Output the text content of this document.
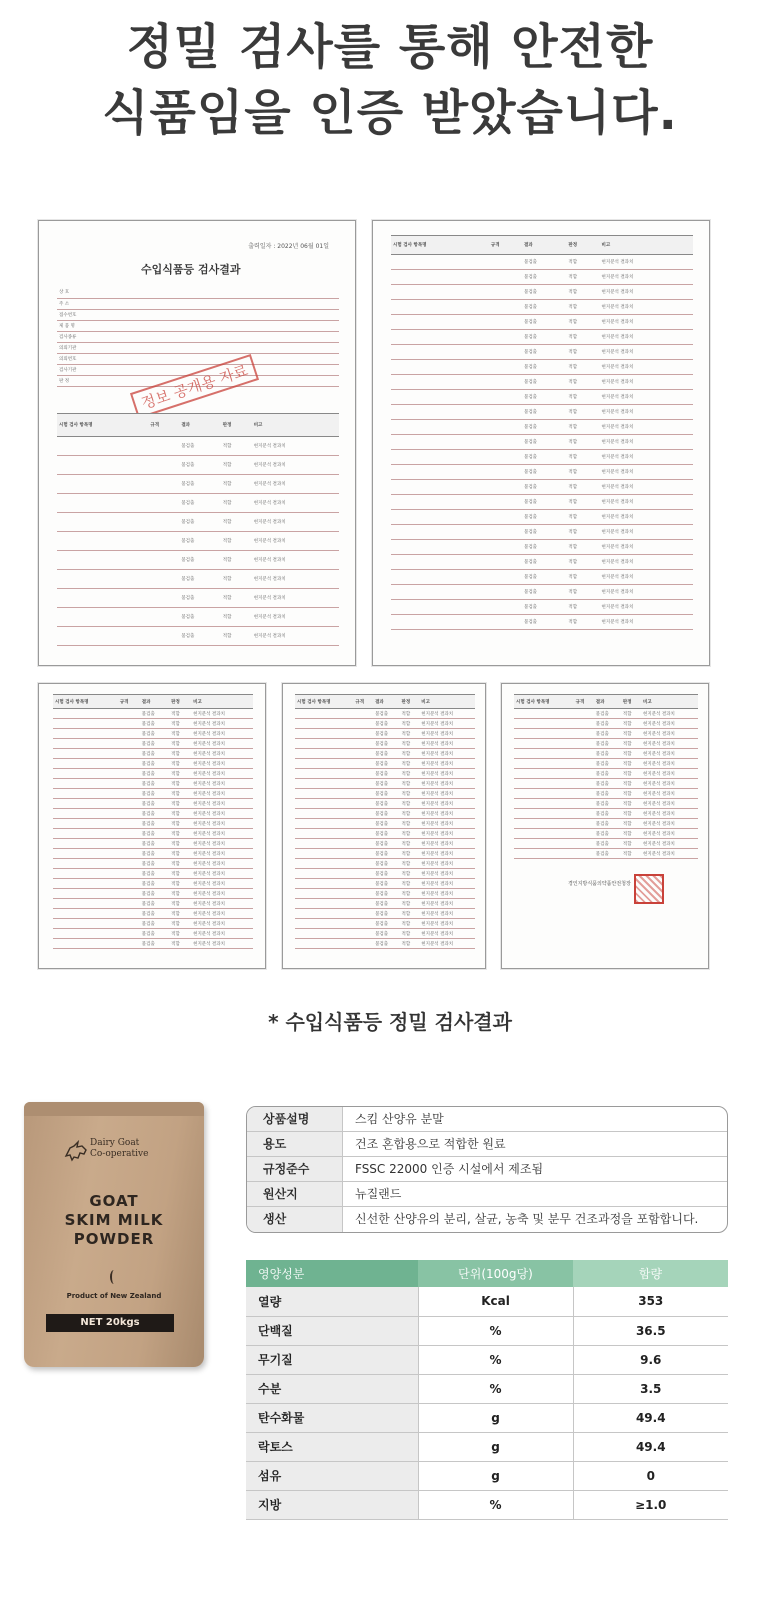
정밀 검사를 통해 안전한
식품임을 인증 받았습니다.
출력일자 : 2022년 06월 01일
수입식품등 검사결과
상 호	
주 소	
접수번호	
제 품 명	
검사종류	
의뢰기관	
의뢰번호	
검사기관	
판 정		정보 공개용 자료
시험 검사 항목명	규격	결과	판정	비고
		불검출	적합	현지분석 결과치
		불검출	적합	현지분석 결과치
		불검출	적합	현지분석 결과치
		불검출	적합	현지분석 결과치
		불검출	적합	현지분석 결과치
		불검출	적합	현지분석 결과치
		불검출	적합	현지분석 결과치
		불검출	적합	현지분석 결과치
		불검출	적합	현지분석 결과치
		불검출	적합	현지분석 결과치
		불검출	적합	현지분석 결과치
시험 검사 항목명	규격	결과	판정	비고
		불검출	적합	현지분석 결과치
		불검출	적합	현지분석 결과치
		불검출	적합	현지분석 결과치
		불검출	적합	현지분석 결과치
		불검출	적합	현지분석 결과치
		불검출	적합	현지분석 결과치
		불검출	적합	현지분석 결과치
		불검출	적합	현지분석 결과치
		불검출	적합	현지분석 결과치
		불검출	적합	현지분석 결과치
		불검출	적합	현지분석 결과치
		불검출	적합	현지분석 결과치
		불검출	적합	현지분석 결과치
		불검출	적합	현지분석 결과치
		불검출	적합	현지분석 결과치
		불검출	적합	현지분석 결과치
		불검출	적합	현지분석 결과치
		불검출	적합	현지분석 결과치
		불검출	적합	현지분석 결과치
		불검출	적합	현지분석 결과치
		불검출	적합	현지분석 결과치
		불검출	적합	현지분석 결과치
		불검출	적합	현지분석 결과치
		불검출	적합	현지분석 결과치
		불검출	적합	현지분석 결과치
시험 검사 항목명	규격	결과	판정	비고
		불검출	적합	현지분석 결과치
		불검출	적합	현지분석 결과치
		불검출	적합	현지분석 결과치
		불검출	적합	현지분석 결과치
		불검출	적합	현지분석 결과치
		불검출	적합	현지분석 결과치
		불검출	적합	현지분석 결과치
		불검출	적합	현지분석 결과치
		불검출	적합	현지분석 결과치
		불검출	적합	현지분석 결과치
		불검출	적합	현지분석 결과치
		불검출	적합	현지분석 결과치
		불검출	적합	현지분석 결과치
		불검출	적합	현지분석 결과치
		불검출	적합	현지분석 결과치
		불검출	적합	현지분석 결과치
		불검출	적합	현지분석 결과치
		불검출	적합	현지분석 결과치
		불검출	적합	현지분석 결과치
		불검출	적합	현지분석 결과치
		불검출	적합	현지분석 결과치
		불검출	적합	현지분석 결과치
		불검출	적합	현지분석 결과치
		불검출	적합	현지분석 결과치
시험 검사 항목명	규격	결과	판정	비고
		불검출	적합	현지분석 결과치
		불검출	적합	현지분석 결과치
		불검출	적합	현지분석 결과치
		불검출	적합	현지분석 결과치
		불검출	적합	현지분석 결과치
		불검출	적합	현지분석 결과치
		불검출	적합	현지분석 결과치
		불검출	적합	현지분석 결과치
		불검출	적합	현지분석 결과치
		불검출	적합	현지분석 결과치
		불검출	적합	현지분석 결과치
		불검출	적합	현지분석 결과치
		불검출	적합	현지분석 결과치
		불검출	적합	현지분석 결과치
		불검출	적합	현지분석 결과치
		불검출	적합	현지분석 결과치
		불검출	적합	현지분석 결과치
		불검출	적합	현지분석 결과치
		불검출	적합	현지분석 결과치
		불검출	적합	현지분석 결과치
		불검출	적합	현지분석 결과치
		불검출	적합	현지분석 결과치
		불검출	적합	현지분석 결과치
		불검출	적합	현지분석 결과치
시험 검사 항목명	규격	결과	판정	비고
		불검출	적합	현지분석 결과치
		불검출	적합	현지분석 결과치
		불검출	적합	현지분석 결과치
		불검출	적합	현지분석 결과치
		불검출	적합	현지분석 결과치
		불검출	적합	현지분석 결과치
		불검출	적합	현지분석 결과치
		불검출	적합	현지분석 결과치
		불검출	적합	현지분석 결과치
		불검출	적합	현지분석 결과치
		불검출	적합	현지분석 결과치
		불검출	적합	현지분석 결과치
		불검출	적합	현지분석 결과치
		불검출	적합	현지분석 결과치
		불검출	적합	현지분석 결과치
경인지방식품의약품안전청장
* 수입식품등 정밀 검사결과
Dairy Goat
Co-operative
GOAT
SKIM MILK
POWDER
Product of New Zealand
NET 20kgs
상품설명	스킴 산양유 분말
용도	건조 혼합용으로 적합한 원료
규정준수	FSSC 22000 인증 시설에서 제조됨
원산지	뉴질랜드
생산	신선한 산양유의 분리, 살균, 농축 및 분무 건조과정을 포함합니다.
영양성분	단위(100g당)	함량
열량	Kcal	353
단백질	%	36.5
무기질	%	9.6
수분	%	3.5
탄수화물	g	49.4
락토스	g	49.4
섬유	g	0
지방	%	≥1.0
